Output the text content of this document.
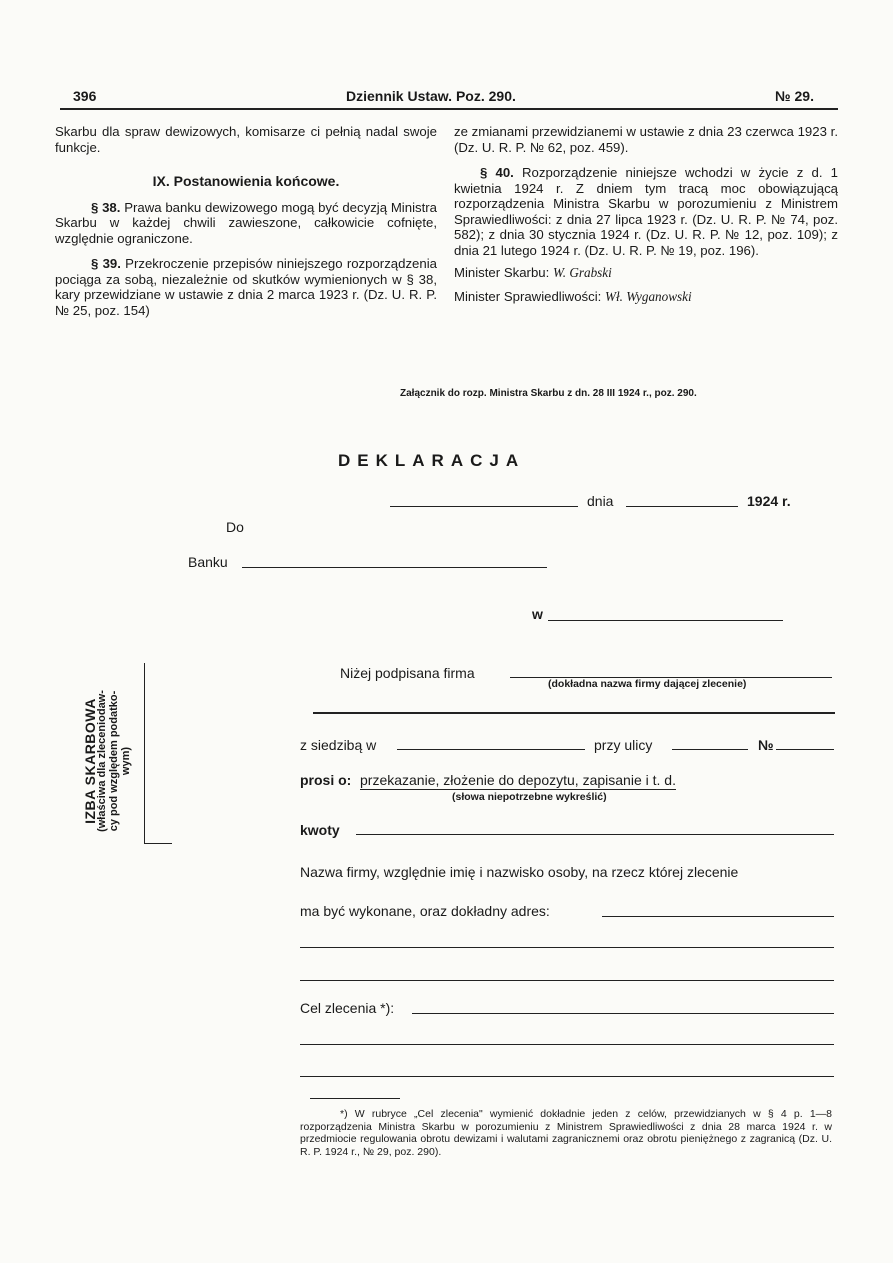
396	Dziennik Ustaw. Poz. 290.	№ 29.

Skarbu dla spraw dewizowych, komisarze ci pełnią nadal swoje funkcje.

IX. Postanowienia końcowe.

§ 38. Prawa banku dewizowego mogą być decyzją Ministra Skarbu w każdej chwili zawieszone, całkowicie cofnięte, względnie ograniczone.

§ 39. Przekroczenie przepisów niniejszego rozporządzenia pociąga za sobą, niezależnie od skutków wymienionych w § 38, kary przewidziane w ustawie z dnia 2 marca 1923 r. (Dz. U. R. P. № 25, poz. 154)

ze zmianami przewidzianemi w ustawie z dnia 23 czerwca 1923 r. (Dz. U. R. P. № 62, poz. 459).

§ 40. Rozporządzenie niniejsze wchodzi w życie z d. 1 kwietnia 1924 r. Z dniem tym tracą moc obowiązującą rozporządzenia Ministra Skarbu w porozumieniu z Ministrem Sprawiedliwości: z dnia 27 lipca 1923 r. (Dz. U. R. P. № 74, poz. 582); z dnia 30 stycznia 1924 r. (Dz. U. R. P. № 12, poz. 109); z dnia 21 lutego 1924 r. (Dz. U. R. P. № 19, poz. 196).

Minister Skarbu: W. Grabski

Minister Sprawiedliwości: Wł. Wyganowski

Załącznik do rozp. Ministra Skarbu z dn. 28 III 1924 r., poz. 290.
DEKLARACJA
dnia	1924 r.
Do
Banku
w
Niżej podpisana firma
(dokładna nazwa firmy dającej zlecenie)
z siedzibą w	przy ulicy	№
prosi o: przekazanie, złożenie do depozytu, zapisanie i t. d.
(słowa niepotrzebne wykreślić)
kwoty
Nazwa firmy, względnie imię i nazwisko osoby, na rzecz której zlecenie
ma być wykonane, oraz dokładny adres:
Cel zlecenia *):
IZBA SKARBOWA
(właściwa dla zleceniodaw- cy pod względem podatko- wym)
*) W rubryce „Cel zlecenia" wymienić dokładnie jeden z celów, przewidzianych w § 4 p. 1—8 rozporządzenia Ministra Skarbu w porozumieniu z Ministrem Sprawiedliwości z dnia 28 marca 1924 r. w przedmiocie regulowania obrotu dewizami i walutami zagranicznemi oraz obrotu pieniężnego z zagranicą (Dz. U. R. P. 1924 r., № 29, poz. 290).
